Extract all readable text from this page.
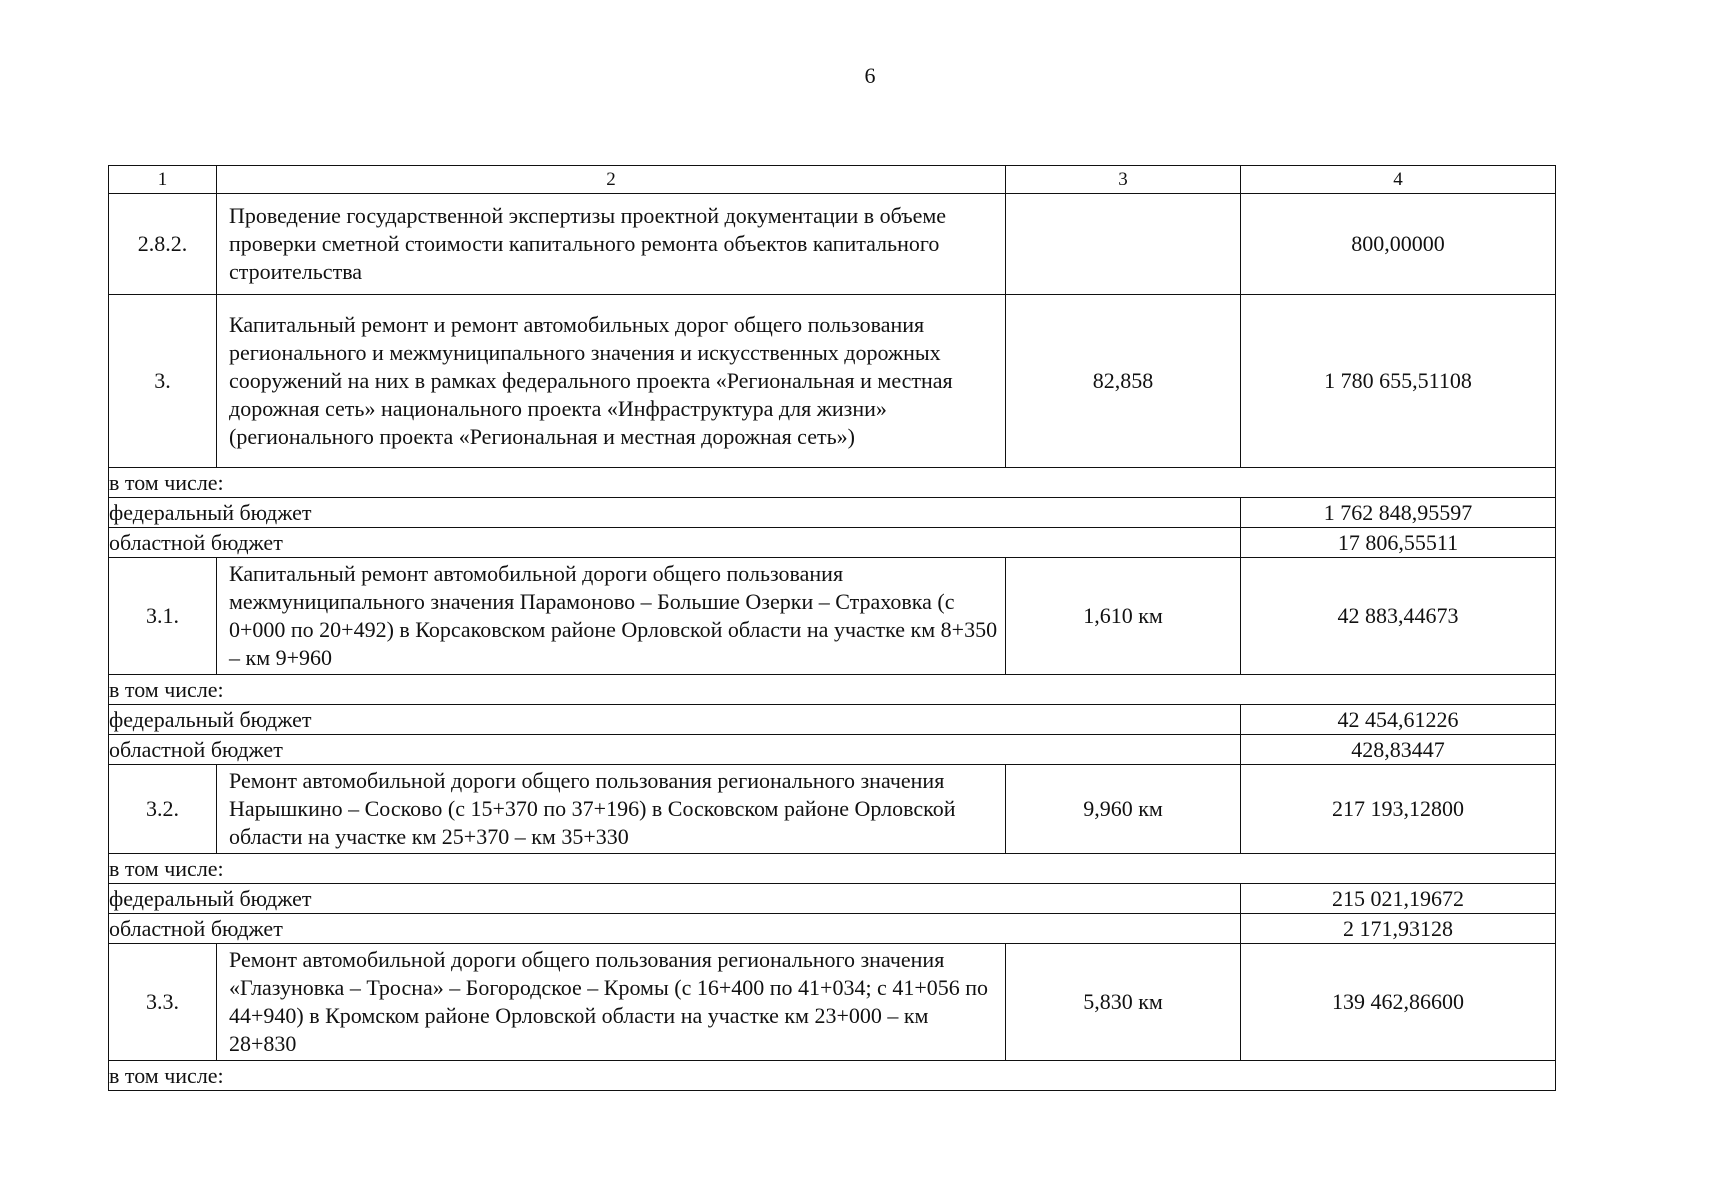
6
1	2	3	4
2.8.2.	Проведение государственной экспертизы проектной документации в объеме проверки сметной стоимости капитального ремонта объектов капитального строительства		800,00000
3.	Капитальный ремонт и ремонт автомобильных дорог общего пользования регионального и межмуниципального значения и искусственных дорожных сооружений на них в рамках федерального проекта «Региональная и местная дорожная сеть» национального проекта «Инфраструктура для жизни» (регионального проекта «Региональная и местная дорожная сеть»)	82,858	1 780 655,51108
в том числе:			
федеральный бюджет			1 762 848,95597
областной бюджет			17 806,55511
3.1.	Капитальный ремонт автомобильной дороги общего пользования межмуниципального значения Парамоново – Большие Озерки – Страховка (с 0+000 по 20+492) в Корсаковском районе Орловской области на участке км 8+350 – км 9+960	1,610 км	42 883,44673
в том числе:			
федеральный бюджет			42 454,61226
областной бюджет			428,83447
3.2.	Ремонт автомобильной дороги общего пользования регионального значения Нарышкино – Сосково (с 15+370 по 37+196) в Сосковском районе Орловской области на участке км 25+370 – км 35+330	9,960 км	217 193,12800
в том числе:			
федеральный бюджет			215 021,19672
областной бюджет			2 171,93128
3.3.	Ремонт автомобильной дороги общего пользования регионального значения «Глазуновка – Тросна» – Богородское – Кромы (с 16+400 по 41+034; с 41+056 по 44+940) в Кромском районе Орловской области на участке км 23+000 – км 28+830	5,830 км	139 462,86600
в том числе:			
